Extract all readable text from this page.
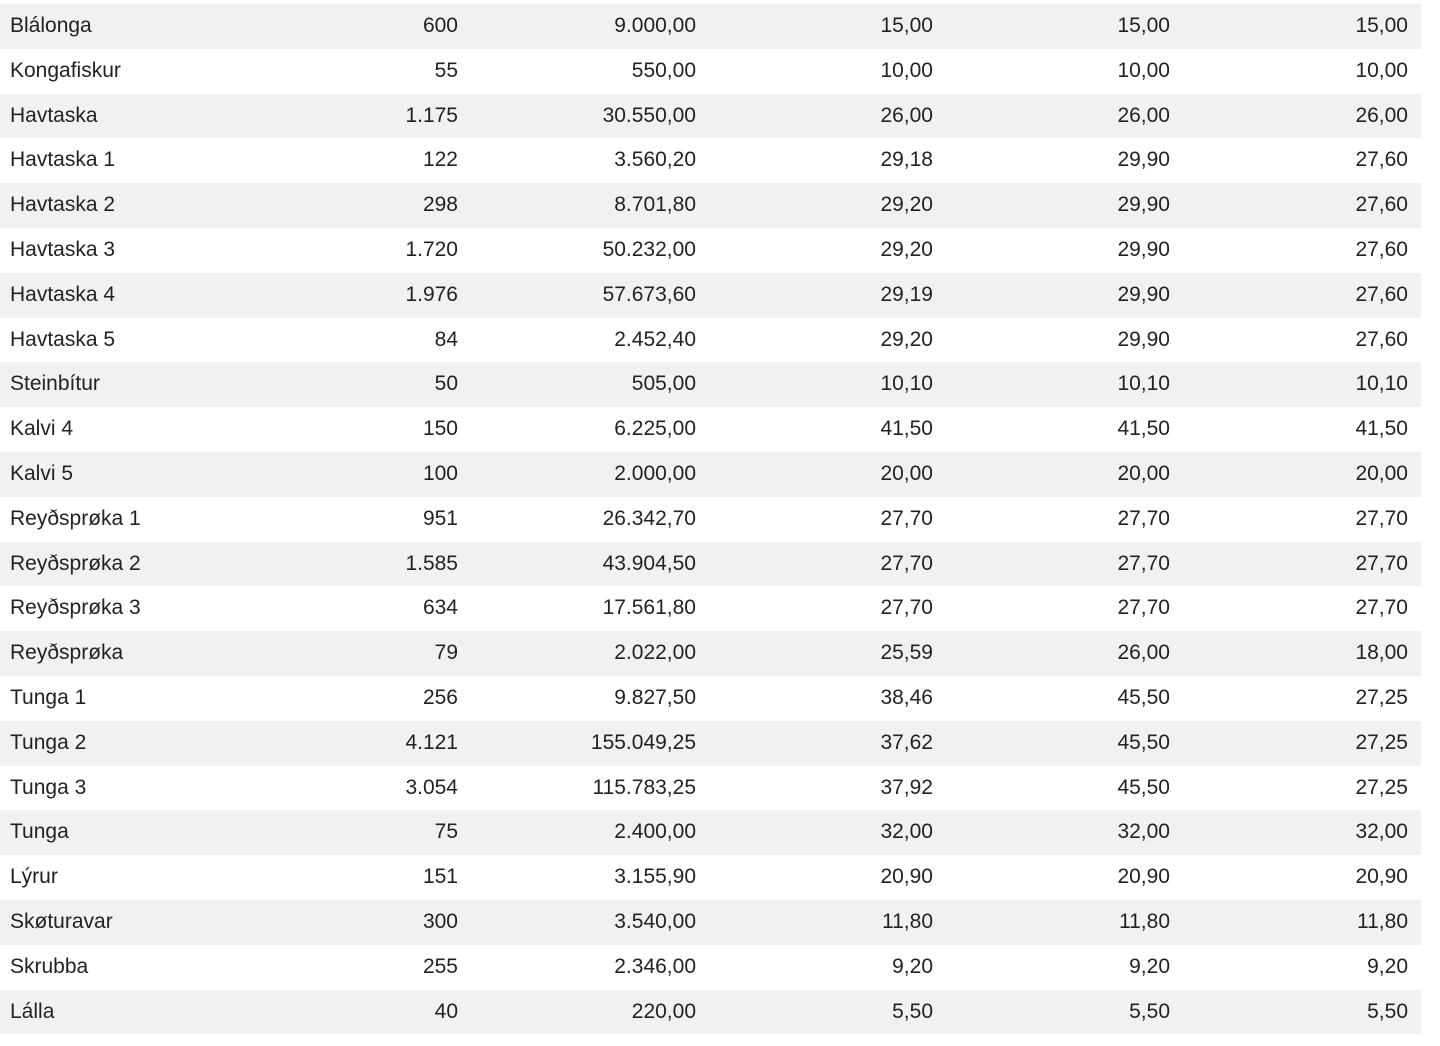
Blálonga	600	9.000,00	15,00	15,00	15,00
Kongafiskur	55	550,00	10,00	10,00	10,00
Havtaska	1.175	30.550,00	26,00	26,00	26,00
Havtaska 1	122	3.560,20	29,18	29,90	27,60
Havtaska 2	298	8.701,80	29,20	29,90	27,60
Havtaska 3	1.720	50.232,00	29,20	29,90	27,60
Havtaska 4	1.976	57.673,60	29,19	29,90	27,60
Havtaska 5	84	2.452,40	29,20	29,90	27,60
Steinbítur	50	505,00	10,10	10,10	10,10
Kalvi 4	150	6.225,00	41,50	41,50	41,50
Kalvi 5	100	2.000,00	20,00	20,00	20,00
Reyðsprøka 1	951	26.342,70	27,70	27,70	27,70
Reyðsprøka 2	1.585	43.904,50	27,70	27,70	27,70
Reyðsprøka 3	634	17.561,80	27,70	27,70	27,70
Reyðsprøka	79	2.022,00	25,59	26,00	18,00
Tunga 1	256	9.827,50	38,46	45,50	27,25
Tunga 2	4.121	155.049,25	37,62	45,50	27,25
Tunga 3	3.054	115.783,25	37,92	45,50	27,25
Tunga	75	2.400,00	32,00	32,00	32,00
Lýrur	151	3.155,90	20,90	20,90	20,90
Skøturavar	300	3.540,00	11,80	11,80	11,80
Skrubba	255	2.346,00	9,20	9,20	9,20
Lálla	40	220,00	5,50	5,50	5,50
